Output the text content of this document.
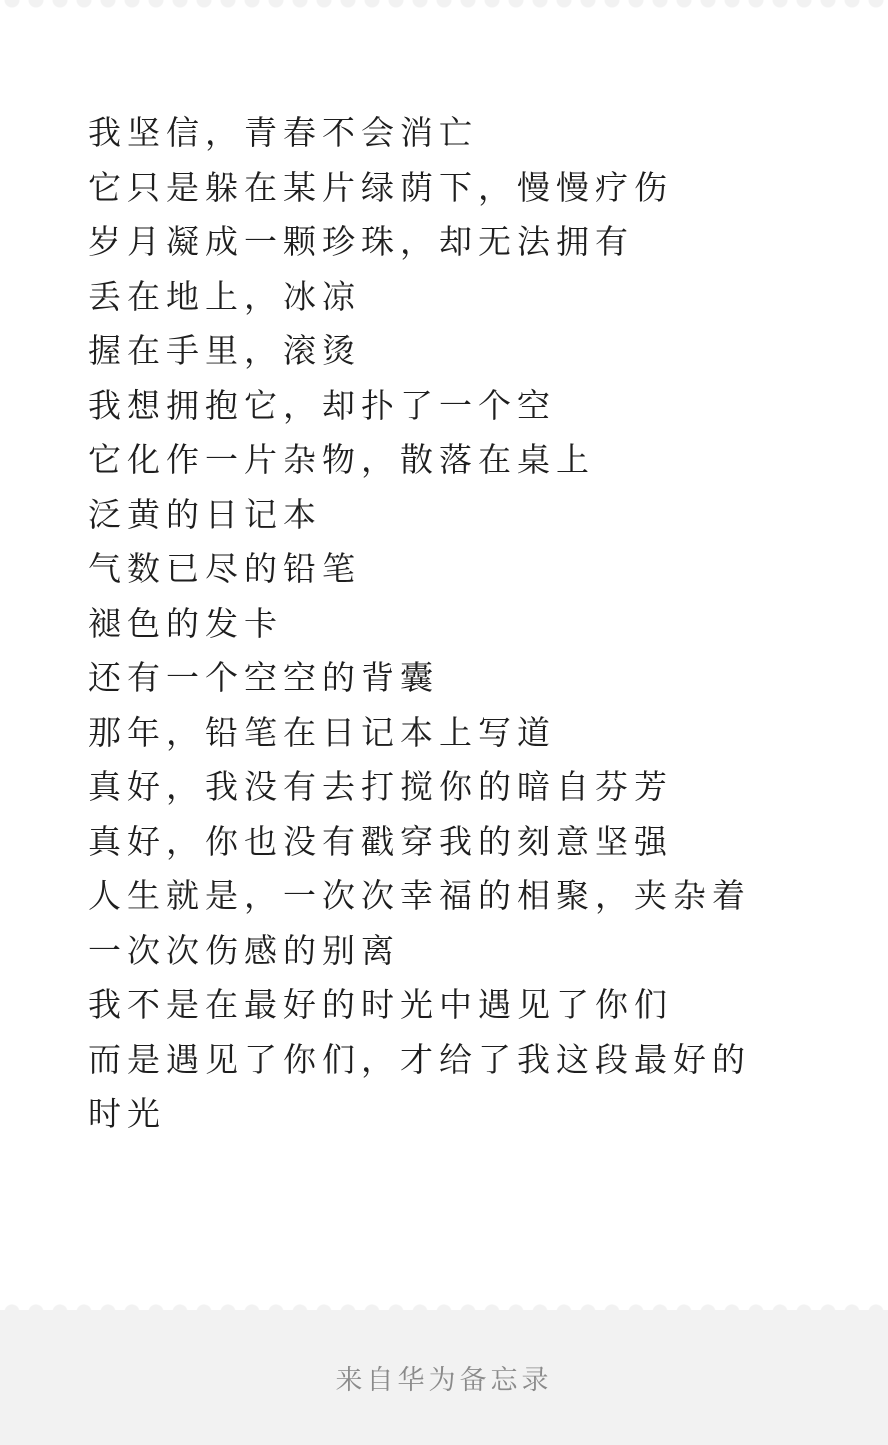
我坚信，青春不会消亡
它只是躲在某片绿荫下，慢慢疗伤
岁月凝成一颗珍珠，却无法拥有
丢在地上，冰凉
握在手里，滚烫
我想拥抱它，却扑了一个空
它化作一片杂物，散落在桌上
泛黄的日记本
气数已尽的铅笔
褪色的发卡
还有一个空空的背囊
那年，铅笔在日记本上写道
真好，我没有去打搅你的暗自芬芳
真好，你也没有戳穿我的刻意坚强
人生就是，一次次幸福的相聚，夹杂着
一次次伤感的别离
我不是在最好的时光中遇见了你们
而是遇见了你们，才给了我这段最好的
时光
来自华为备忘录
